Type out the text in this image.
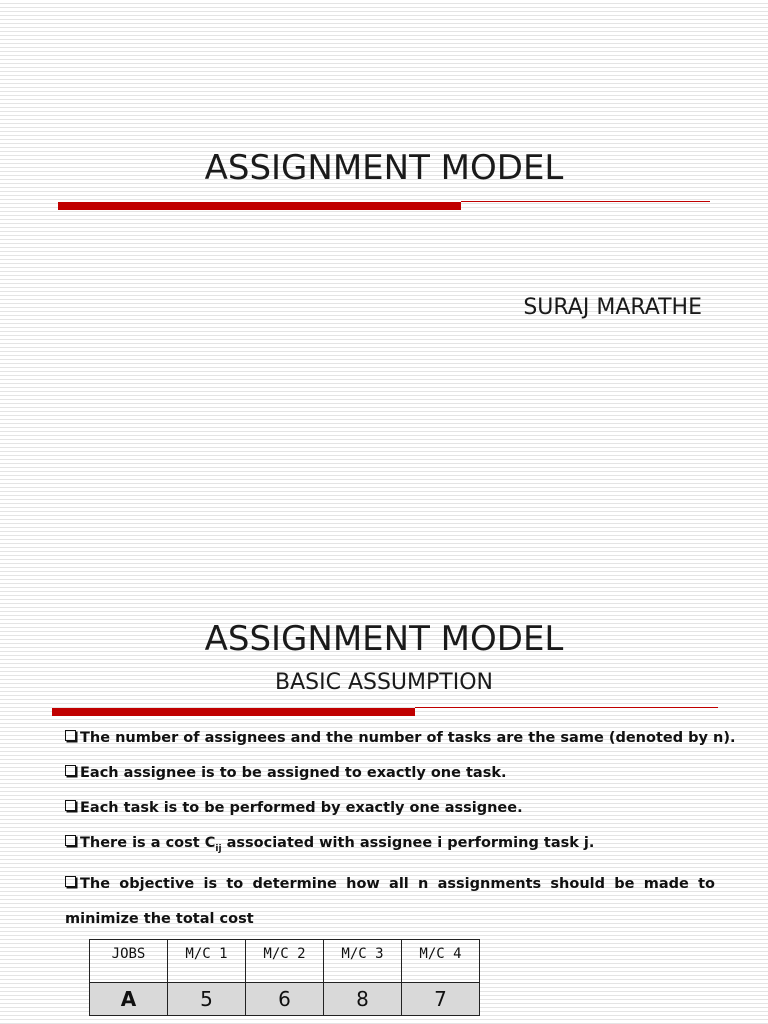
ASSIGNMENT MODEL
SURAJ MARATHE
ASSIGNMENT MODEL
BASIC ASSUMPTION
The number of assignees and the number of tasks are the same (denoted by n).
Each assignee is to be assigned to exactly one task.
Each task is to be performed by exactly one assignee.
There is a cost $C_{ij}$ associated with assignee i performing task j.
The objective is to determine how all n assignments should be made to
minimize the total cost
JOBS	M/C 1	M/C 2	M/C 3	M/C 4
A	5	6	8	7
